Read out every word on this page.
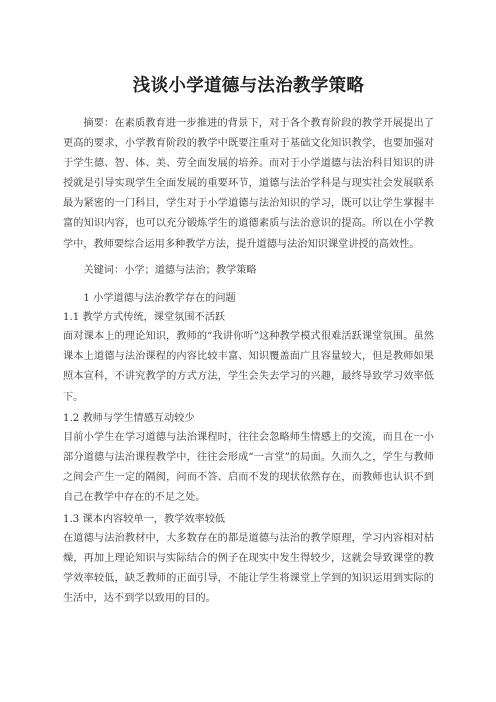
浅谈小学道德与法治教学策略

摘要：在素质教育进一步推进的背景下，对于各个教育阶段的教学开展提出了更高的要求，小学教育阶段的教学中既要注重对于基础文化知识教学，也要加强对于学生德、智、体、美、劳全面发展的培养。而对于小学道德与法治科目知识的讲授就是引导实现学生全面发展的重要环节，道德与法治学科是与现实社会发展联系最为紧密的一门科目，学生对于小学道德与法治知识的学习，既可以让学生掌握丰富的知识内容，也可以充分锻炼学生的道德素质与法治意识的提高。所以在小学教学中，教师要综合运用多种教学方法，提升道德与法治知识课堂讲授的高效性。

关键词：小学；道德与法治；教学策略

1 小学道德与法治教学存在的问题

1.1 教学方式传统，课堂氛围不活跃

面对课本上的理论知识，教师的“我讲你听”这种教学模式很难活跃课堂氛围。虽然课本上道德与法治课程的内容比较丰富、知识覆盖面广且容量较大，但是教师如果照本宣科，不讲究教学的方式方法，学生会失去学习的兴趣，最终导致学习效率低下。

1.2 教师与学生情感互动较少

目前小学生在学习道德与法治课程时，往往会忽略师生情感上的交流，而且在一小部分道德与法治课程教学中，往往会形成“一言堂”的局面。久而久之，学生与教师之间会产生一定的隔阂，问而不答、启而不发的现状依然存在，而教师也认识不到自己在教学中存在的不足之处。

1.3 课本内容较单一，教学效率较低

在道德与法治教材中，大多数存在的都是道德与法治的教学原理，学习内容相对枯燥，再加上理论知识与实际结合的例子在现实中发生得较少，这就会导致课堂的教学效率较低，缺乏教师的正面引导，不能让学生将课堂上学到的知识运用到实际的生活中，达不到学以致用的目的。
